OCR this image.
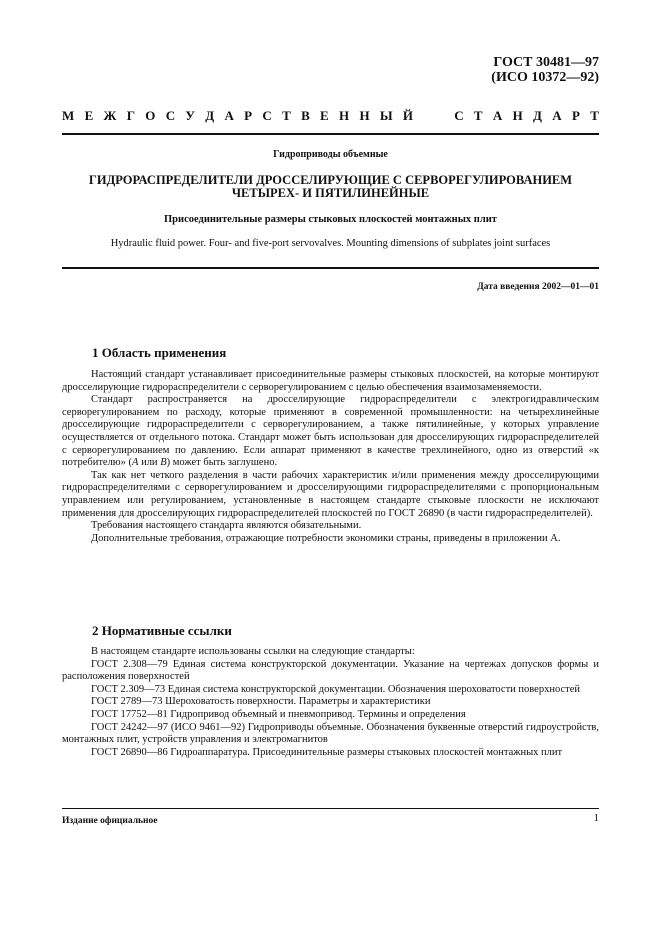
ГОСТ 30481—97
(ИСО 10372—92)
М Е Ж Г О С У Д А Р С Т В Е Н Н Ы Й	С Т А Н Д А Р Т
Гидроприводы объемные
ГИДРОРАСПРЕДЕЛИТЕЛИ ДРОССЕЛИРУЮЩИЕ С СЕРВОРЕГУЛИРОВАНИЕМ
ЧЕТЫРЕХ- И ПЯТИЛИНЕЙНЫЕ
Присоединительные размеры стыковых плоскостей монтажных плит
Hydraulic fluid power. Four- and five-port servovalves. Mounting dimensions of subplates joint surfaces
Дата введения 2002—01—01
1 Область применения

Настоящий стандарт устанавливает присоединительные размеры стыковых плоскостей, на которые монтируют дросселирующие гидрораспределители с серворегулированием с целью обеспечения взаимозаменяемости.

Стандарт распространяется на дросселирующие гидрораспределители с электрогидравлическим серворегулированием по расходу, которые применяют в современной промышленности: на четырехлинейные дросселирующие гидрораспределители с серворегулированием, а также пятилинейные, у которых управление осуществляется от отдельного потока. Стандарт может быть использован для дросселирующих гидрораспределителей с серворегулированием по давлению. Если аппарат применяют в качестве трехлинейного, одно из отверстий «к потребителю» (А или В) может быть заглушено.

Так как нет четкого разделения в части рабочих характеристик и/или применения между дросселирующими гидрораспределителями с серворегулированием и дросселирующими гидрораспределителями с пропорциональным управлением или регулированием, установленные в настоящем стандарте стыковые плоскости не исключают применения для дросселирующих гидрораспределителей плоскостей по ГОСТ 26890 (в части гидрораспределителей).

Требования настоящего стандарта являются обязательными.

Дополнительные требования, отражающие потребности экономики страны, приведены в приложении А.

2 Нормативные ссылки

В настоящем стандарте использованы ссылки на следующие стандарты:

ГОСТ 2.308—79 Единая система конструкторской документации. Указание на чертежах допусков формы и расположения поверхностей

ГОСТ 2.309—73 Единая система конструкторской документации. Обозначения шероховатости поверхностей

ГОСТ 2789—73 Шероховатость поверхности. Параметры и характеристики

ГОСТ 17752—81 Гидропривод объемный и пневмопривод. Термины и определения

ГОСТ 24242—97 (ИСО 9461—92) Гидроприводы объемные. Обозначения буквенные отверстий гидроустройств, монтажных плит, устройств управления и электромагнитов

ГОСТ 26890—86 Гидроаппаратура. Присоединительные размеры стыковых плоскостей монтажных плит

Издание официальное	1
